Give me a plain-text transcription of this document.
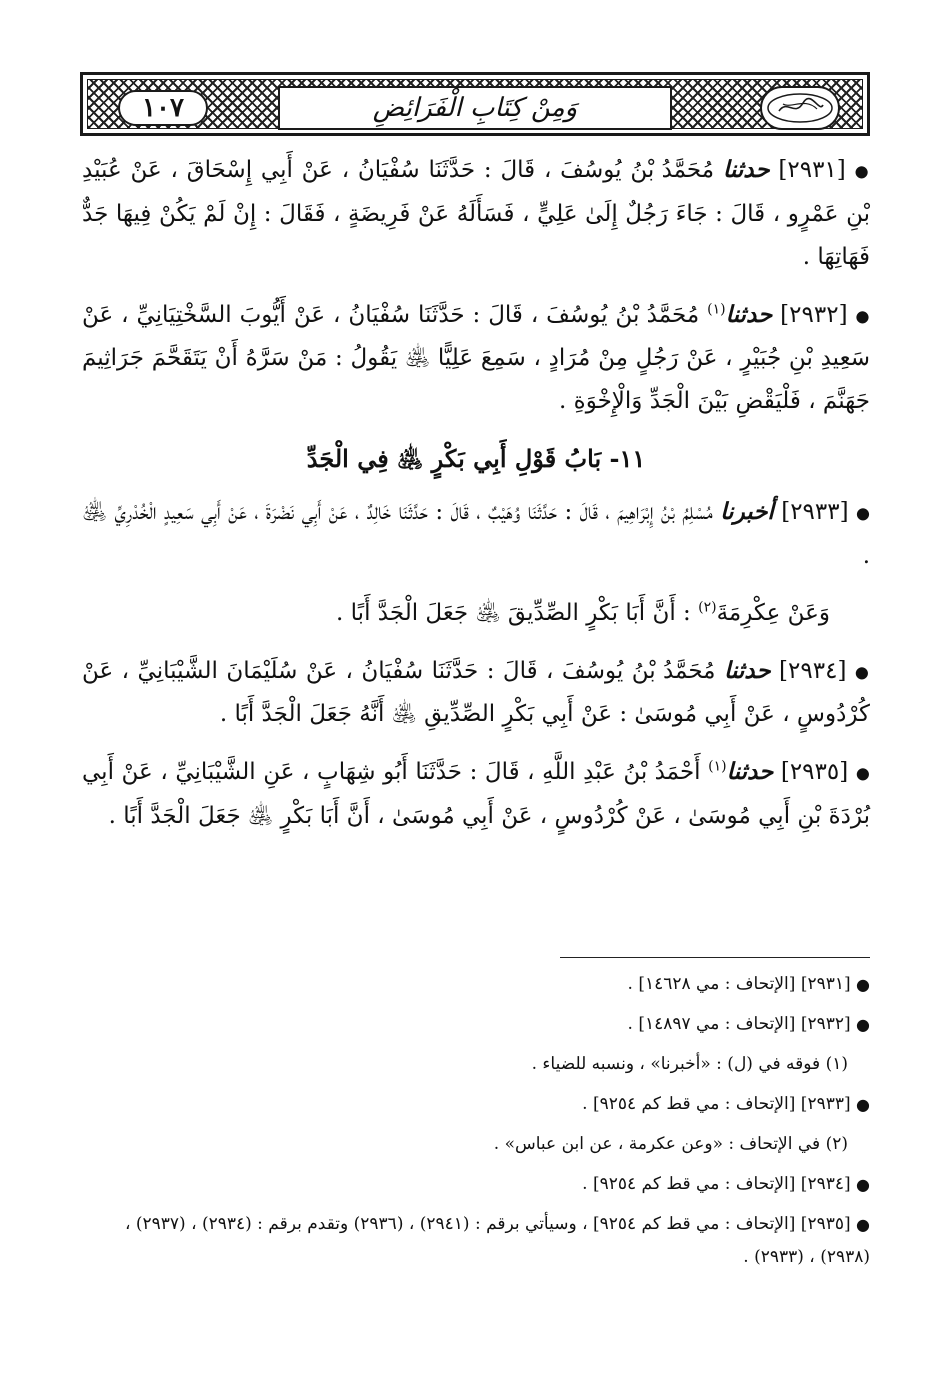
١٠٧	وَمِنْ كِتَابِ الْفَرَائِضِ

● [٢٩٣١] حدثنا مُحَمَّدُ بْنُ يُوسُفَ ، قَالَ : حَدَّثَنَا سُفْيَانُ ، عَنْ أَبِي إِسْحَاقَ ، عَنْ عُبَيْدِ بْنِ عَمْرٍو ، قَالَ : جَاءَ رَجُلٌ إِلَىٰ عَلِيٍّ ، فَسَأَلَهُ عَنْ فَرِيضَةٍ ، فَقَالَ : إِنْ لَمْ يَكُنْ فِيهَا جَدٌّ فَهَاتِهَا .

● [٢٩٣٢] حدثنا$^{(١)}$ مُحَمَّدُ بْنُ يُوسُفَ ، قَالَ : حَدَّثَنَا سُفْيَانُ ، عَنْ أَيُّوبَ السَّخْتِيَانِيِّ ، عَنْ سَعِيدِ بْنِ جُبَيْرٍ ، عَنْ رَجُلٍ مِنْ مُرَادٍ ، سَمِعَ عَلِيًّا ﵁ يَقُولُ : مَنْ سَرَّهُ أَنْ يَتَقَحَّمَ جَرَاثِيمَ جَهَنَّمَ ، فَلْيَقْضِ بَيْنَ الْجَدِّ وَالْإِخْوَةِ .

١١- بَابُ قَوْلِ أَبِي بَكْرٍ ﵁ فِي الْجَدِّ

● [٢٩٣٣] أخبرنا مُسْلِمُ بْنُ إِبْرَاهِيمَ ، قَالَ : حَدَّثَنَا وُهَيْبٌ ، قَالَ : حَدَّثَنَا خَالِدٌ ، عَنْ أَبِي نَضْرَةَ ، عَنْ أَبِي سَعِيدٍ الْخُدْرِيِّ ﵁ .

وَعَنْ عِكْرِمَةَ$^{(٢)}$ : أَنَّ أَبَا بَكْرٍ الصِّدِّيقَ ﵁ جَعَلَ الْجَدَّ أَبًا .

● [٢٩٣٤] حدثنا مُحَمَّدُ بْنُ يُوسُفَ ، قَالَ : حَدَّثَنَا سُفْيَانُ ، عَنْ سُلَيْمَانَ الشَّيْبَانِيِّ ، عَنْ كُرْدُوسٍ ، عَنْ أَبِي مُوسَىٰ : عَنْ أَبِي بَكْرٍ الصِّدِّيقِ ﵁ أَنَّهُ جَعَلَ الْجَدَّ أَبًا .

● [٢٩٣٥] حدثنا$^{(١)}$ أَحْمَدُ بْنُ عَبْدِ اللَّهِ ، قَالَ : حَدَّثَنَا أَبُو شِهَابٍ ، عَنِ الشَّيْبَانِيِّ ، عَنْ أَبِي بُرْدَةَ بْنِ أَبِي مُوسَىٰ ، عَنْ كُرْدُوسٍ ، عَنْ أَبِي مُوسَىٰ ، أَنَّ أَبَا بَكْرٍ ﵁ جَعَلَ الْجَدَّ أَبًا .

● [٢٩٣١] [الإتحاف : مي ١٤٦٢٨] .
● [٢٩٣٢] [الإتحاف : مي ١٤٨٩٧] .
(١) فوقه في (ل) : «أخبرنا» ، ونسبه للضياء .
● [٢٩٣٣] [الإتحاف : مي قط كم ٩٢٥٤] .
(٢) في الإتحاف : «وعن عكرمة ، عن ابن عباس» .
● [٢٩٣٤] [الإتحاف : مي قط كم ٩٢٥٤] .
● [٢٩٣٥] [الإتحاف : مي قط كم ٩٢٥٤] ، وسيأتي برقم : (٢٩٤١) ، (٢٩٣٦) وتقدم برقم : (٢٩٣٤) ، (٢٩٣٧) ، (٢٩٣٨) ، (٢٩٣٣) .
